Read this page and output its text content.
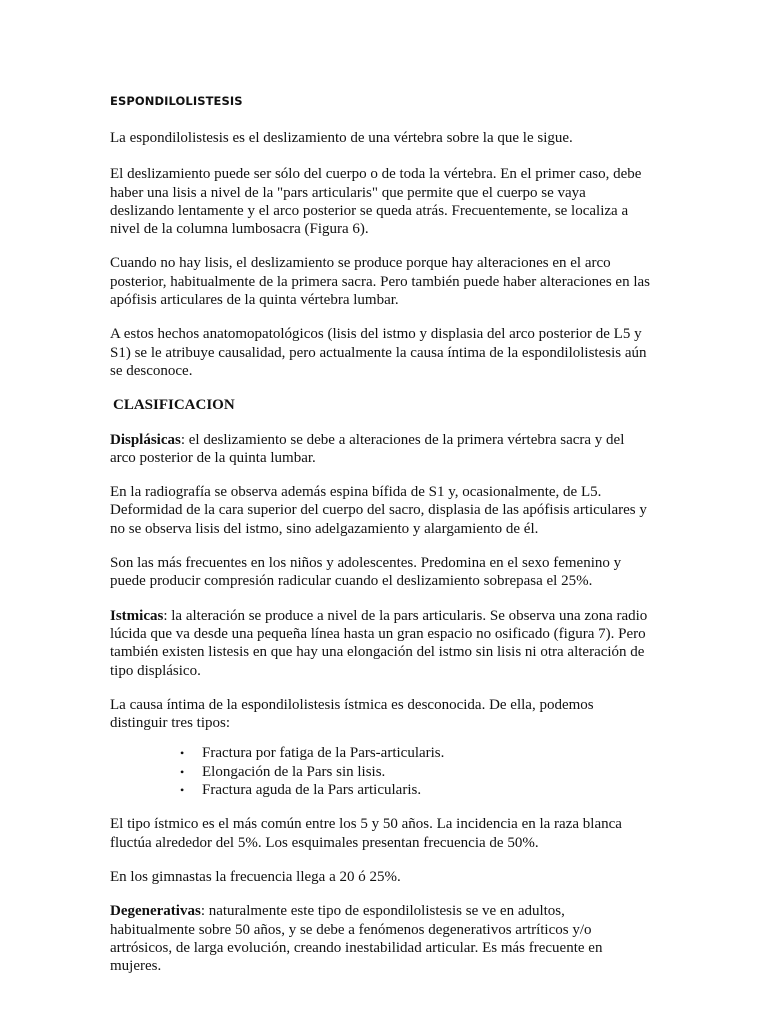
ESPONDILOLISTESIS

La espondilolistesis es el deslizamiento de una vértebra sobre la que le sigue.

El deslizamiento puede ser sólo del cuerpo o de toda la vértebra. En el primer caso, debe haber una lisis a nivel de la "pars articularis" que permite que el cuerpo se vaya deslizando lentamente y el arco posterior se queda atrás. Frecuentemente, se localiza a nivel de la columna lumbosacra (Figura 6).

Cuando no hay lisis, el deslizamiento se produce porque hay alteraciones en el arco posterior, habitualmente de la primera sacra. Pero también puede haber alteraciones en las apófisis articulares de la quinta vértebra lumbar.

A estos hechos anatomopatológicos (lisis del istmo y displasia del arco posterior de L5 y S1) se le atribuye causalidad, pero actualmente la causa íntima de la espondilolistesis aún se desconoce.

CLASIFICACION

Displásicas: el deslizamiento se debe a alteraciones de la primera vértebra sacra y del arco posterior de la quinta lumbar.

En la radiografía se observa además espina bífida de S1 y, ocasionalmente, de L5. Deformidad de la cara superior del cuerpo del sacro, displasia de las apófisis articulares y no se observa lisis del istmo, sino adelgazamiento y alargamiento de él.

Son las más frecuentes en los niños y adolescentes. Predomina en el sexo femenino y puede producir compresión radicular cuando el deslizamiento sobrepasa el 25%.

Istmicas: la alteración se produce a nivel de la pars articularis. Se observa una zona radio lúcida que va desde una pequeña línea hasta un gran espacio no osificado (figura 7). Pero también existen listesis en que hay una elongación del istmo sin lisis ni otra alteración de tipo displásico.

La causa íntima de la espondilolistesis ístmica es desconocida. De ella, podemos distinguir tres tipos:

• Fractura por fatiga de la Pars-articularis.
• Elongación de la Pars sin lisis.
• Fractura aguda de la Pars articularis.

El tipo ístmico es el más común entre los 5 y 50 años. La incidencia en la raza blanca fluctúa alrededor del 5%. Los esquimales presentan frecuencia de 50%.

En los gimnastas la frecuencia llega a 20 ó 25%.

Degenerativas: naturalmente este tipo de espondilolistesis se ve en adultos, habitualmente sobre 50 años, y se debe a fenómenos degenerativos artríticos y/o artrósicos, de larga evolución, creando inestabilidad articular. Es más frecuente en mujeres.
